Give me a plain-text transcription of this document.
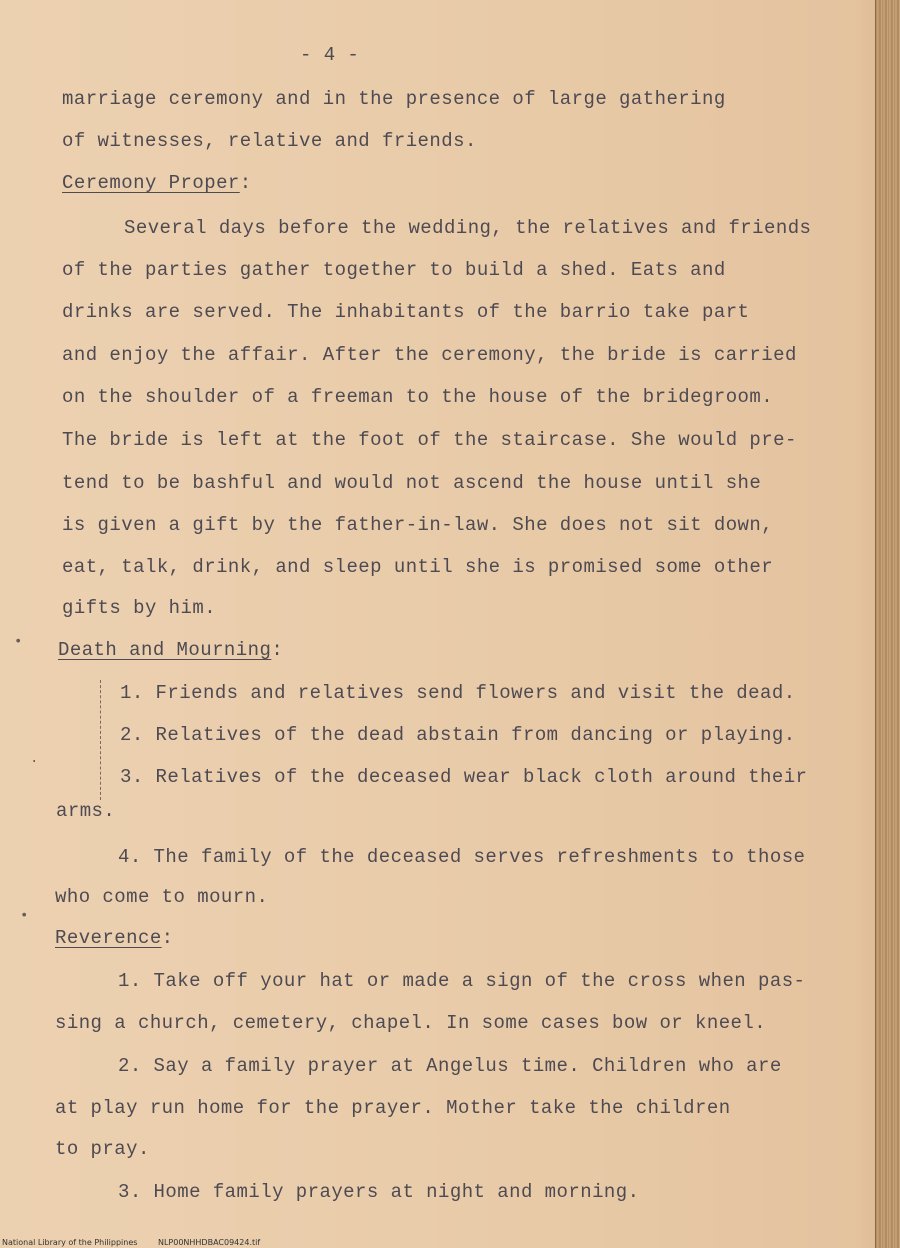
- 4 -
marriage ceremony and in the presence of large gathering
of witnesses, relative and friends.
Ceremony Proper:
Several days before the wedding, the relatives and friends
of the parties gather together to build a shed. Eats and
drinks are served. The inhabitants of the barrio take part
and enjoy the affair. After the ceremony, the bride is carried
on the shoulder of a freeman to the house of the bridegroom.
The bride is left at the foot of the staircase. She would pre-
tend to be bashful and would not ascend the house until she
is given a gift by the father-in-law. She does not sit down,
eat, talk, drink, and sleep until she is promised some other
gifts by him.
Death and Mourning:
1. Friends and relatives send flowers and visit the dead.
2. Relatives of the dead abstain from dancing or playing.
3. Relatives of the deceased wear black cloth around their
arms.
4. The family of the deceased serves refreshments to those
who come to mourn.
Reverence:
1. Take off your hat or made a sign of the cross when pas-
sing a church, cemetery, chapel. In some cases bow or kneel.
2. Say a family prayer at Angelus time. Children who are
at play run home for the prayer. Mother take the children
to pray.
3. Home family prayers at night and morning.
•
•
·
National Library of the Philippines	NLP00NHHDBAC09424.tif
